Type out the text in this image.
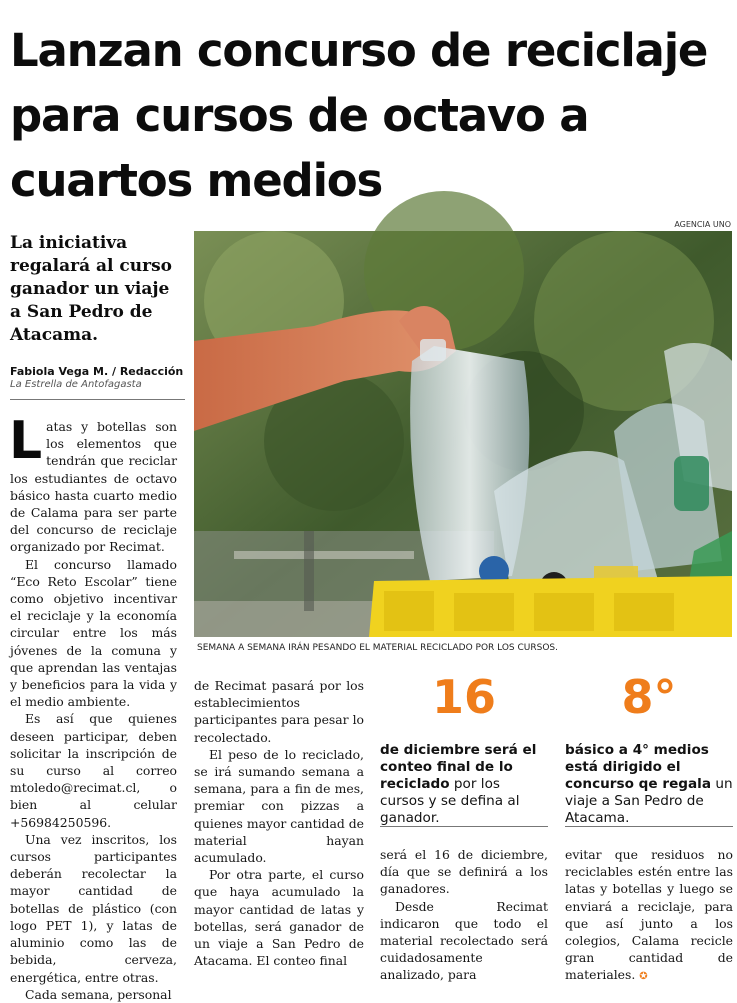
Lanzan concurso de reciclaje para cursos de octavo a cuartos medios
AGENCIA UNO
SEMANA A SEMANA IRÁN PESANDO EL MATERIAL RECICLADO POR LOS CURSOS.

La iniciativa regalará al curso ganador un viaje a San Pedro de Atacama.

Fabiola Vega M. / Redacción
La Estrella de Antofagasta

Latas y botellas son los elementos que tendrán que reciclar los estudiantes de octavo básico hasta cuarto medio de Calama para ser parte del concurso de reciclaje organizado por Recimat.

El concurso llamado “Eco Reto Escolar” tiene como objetivo incentivar el reciclaje y la economía circular entre los más jóvenes de la comuna y que aprendan las ventajas y beneficios para la vida y el medio ambiente.

Es así que quienes deseen participar, deben solicitar la inscripción de su curso al correo mtoledo@recimat.cl, o bien al celular +56984250596.

Una vez inscritos, los cursos participantes deberán recolectar la mayor cantidad de botellas de plástico (con logo PET 1), y latas de aluminio como las de bebida, cerveza, energética, entre otras.

Cada semana, personal

de Recimat pasará por los establecimientos participantes para pesar lo recolectado.

El peso de lo reciclado, se irá sumando semana a semana, para a fin de mes, premiar con pizzas a quienes mayor cantidad de material hayan acumulado.

Por otra parte, el curso que haya acumulado la mayor cantidad de latas y botellas, será ganador de un viaje a San Pedro de Atacama. El conteo final

16

de diciembre será el conteo final de lo reciclado por los cursos y se defina al ganador.

será el 16 de diciembre, día que se definirá a los ganadores.

Desde Recimat indicaron que todo el material recolectado será cuidadosamente analizado, para

8°

básico a 4° medios está dirigido el concurso qe regala un viaje a San Pedro de Atacama.

evitar que residuos no reciclables estén entre las latas y botellas y luego se enviará a reciclaje, para que así junto a los colegios, Calama recicle gran cantidad de materiales. ✪
